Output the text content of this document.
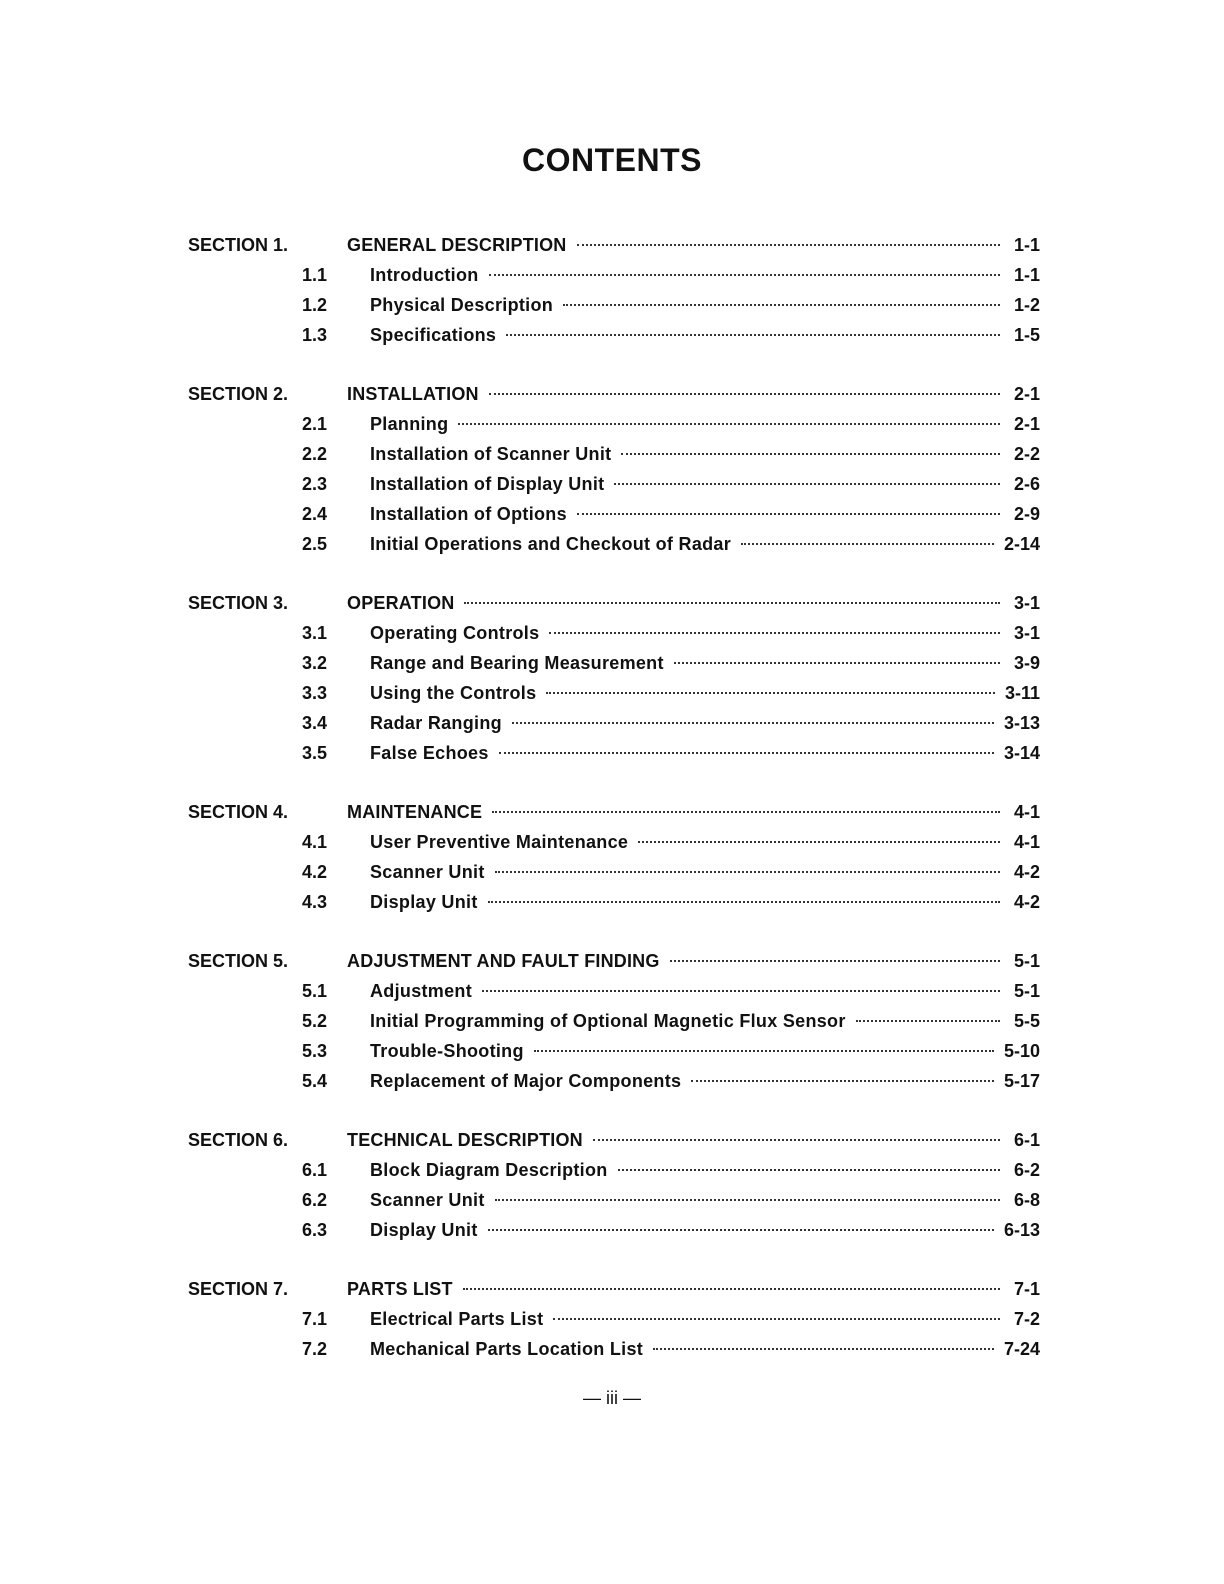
CONTENTS
SECTION 1.	GENERAL DESCRIPTION	1-1
1.1	Introduction	1-1
1.2	Physical Description	1-2
1.3	Specifications	1-5
SECTION 2.	INSTALLATION	2-1
2.1	Planning	2-1
2.2	Installation of Scanner Unit	2-2
2.3	Installation of Display Unit	2-6
2.4	Installation of Options	2-9
2.5	Initial Operations and Checkout of Radar	2-14
SECTION 3.	OPERATION	3-1
3.1	Operating Controls	3-1
3.2	Range and Bearing Measurement	3-9
3.3	Using the Controls	3-11
3.4	Radar Ranging	3-13
3.5	False Echoes	3-14
SECTION 4.	MAINTENANCE	4-1
4.1	User Preventive Maintenance	4-1
4.2	Scanner Unit	4-2
4.3	Display Unit	4-2
SECTION 5.	ADJUSTMENT AND FAULT FINDING	5-1
5.1	Adjustment	5-1
5.2	Initial Programming of Optional Magnetic Flux Sensor	5-5
5.3	Trouble-Shooting	5-10
5.4	Replacement of Major Components	5-17
SECTION 6.	TECHNICAL DESCRIPTION	6-1
6.1	Block Diagram Description	6-2
6.2	Scanner Unit	6-8
6.3	Display Unit	6-13
SECTION 7.	PARTS LIST	7-1
7.1	Electrical Parts List	7-2
7.2	Mechanical Parts Location List	7-24
— iii —
